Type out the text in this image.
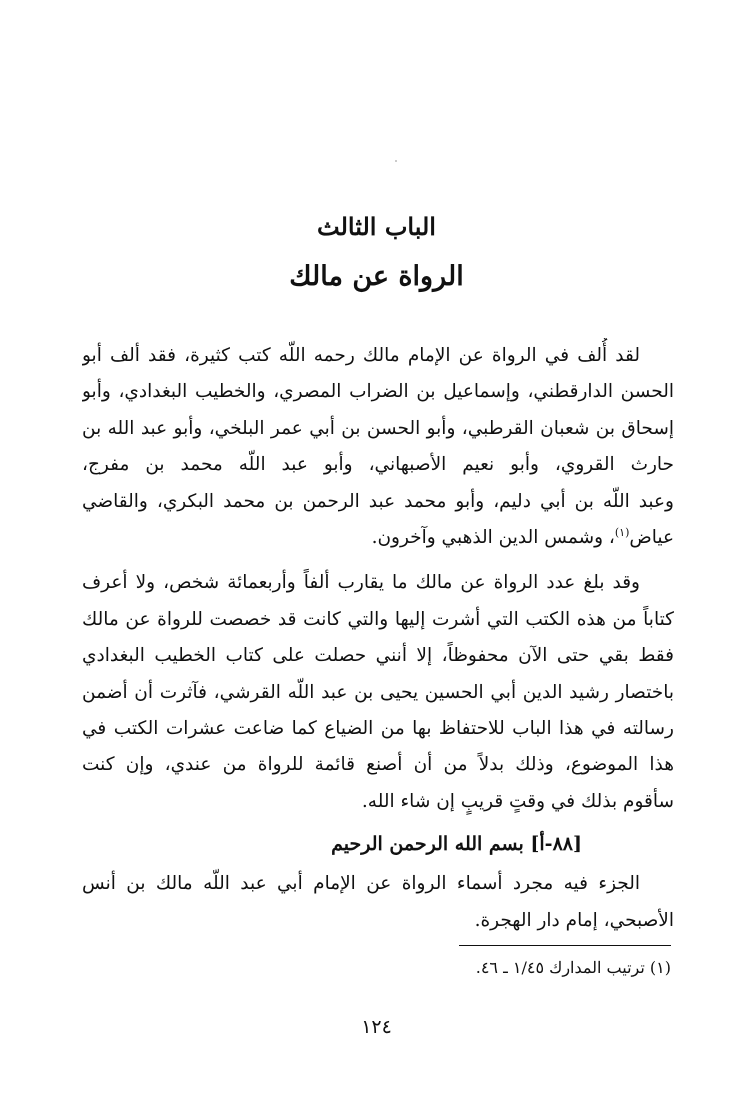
الباب الثالث
الرواة عن مالك

لقد أُلف في الرواة عن الإمام مالك رحمه اللّه كتب كثيرة، فقد ألف أبو
الحسن الدارقطني، وإسماعيل بن الضراب المصري، والخطيب البغدادي، وأبو
إسحاق بن شعبان القرطبي، وأبو الحسن بن أبي عمر البلخي، وأبو عبد الله بن
حارث القروي، وأبو نعيم الأصبهاني، وأبو عبد اللّه محمد بن مفرج،
وعبد اللّه بن أبي دليم، وأبو محمد عبد الرحمن بن محمد البكري، والقاضي
عياض$^{(١)}$، وشمس الدين الذهبي وآخرون.

وقد بلغ عدد الرواة عن مالك ما يقارب ألفاً وأربعمائة شخص، ولا أعرف
كتاباً من هذه الكتب التي أشرت إليها والتي كانت قد خصصت للرواة عن مالك
فقط بقي حتى الآن محفوظاً، إلا أنني حصلت على كتاب الخطيب البغدادي
باختصار رشيد الدين أبي الحسين يحيى بن عبد اللّه القرشي، فآثرت أن أضمن
رسالته في هذا الباب للاحتفاظ بها من الضياع كما ضاعت عشرات الكتب في
هذا الموضوع، وذلك بدلاً من أن أصنع قائمة للرواة من عندي، وإن كنت
سأقوم بذلك في وقتٍ قريبٍ إن شاء الله.

[٨٨-أ] بسم الله الرحمن الرحيم

الجزء فيه مجرد أسماء الرواة عن الإمام أبي عبد اللّه مالك بن أنس
الأصبحي، إمام دار الهجرة.

(١) ترتيب المدارك ١/٤٥ ـ ٤٦.
١٢٤
